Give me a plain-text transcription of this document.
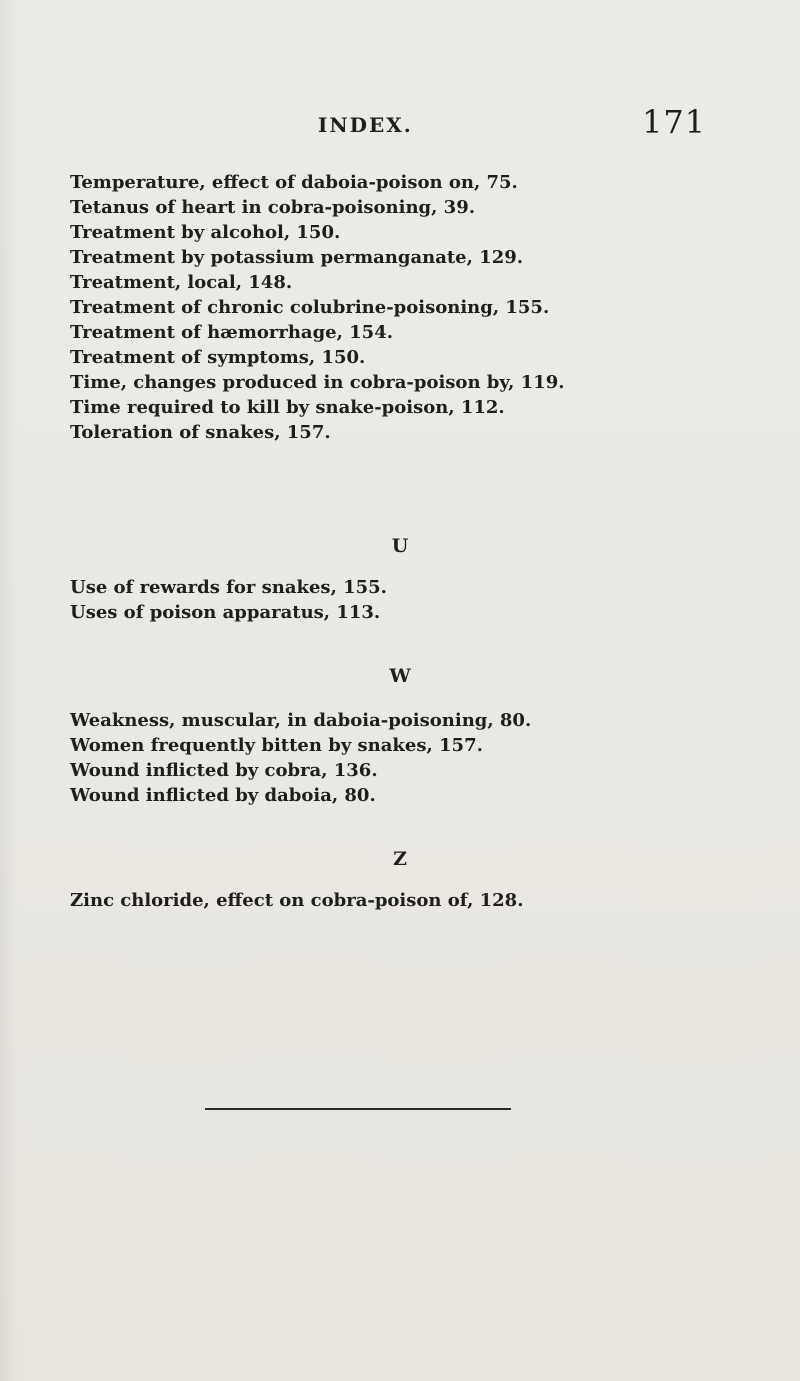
INDEX.	171
Temperature, effect of daboia-poison on, 75.
Tetanus of heart in cobra-poisoning, 39.
Treatment by alcohol, 150.
Treatment by potassium permanganate, 129.
Treatment, local, 148.
Treatment of chronic colubrine-poisoning, 155.
Treatment of hæmorrhage, 154.
Treatment of symptoms, 150.
Time, changes produced in cobra-poison by, 119.
Time required to kill by snake-poison, 112.
Toleration of snakes, 157.
U
Use of rewards for snakes, 155.
Uses of poison apparatus, 113.
W
Weakness, muscular, in daboia-poisoning, 80.
Women frequently bitten by snakes, 157.
Wound inflicted by cobra, 136.
Wound inflicted by daboia, 80.
Z
Zinc chloride, effect on cobra-poison of, 128.
